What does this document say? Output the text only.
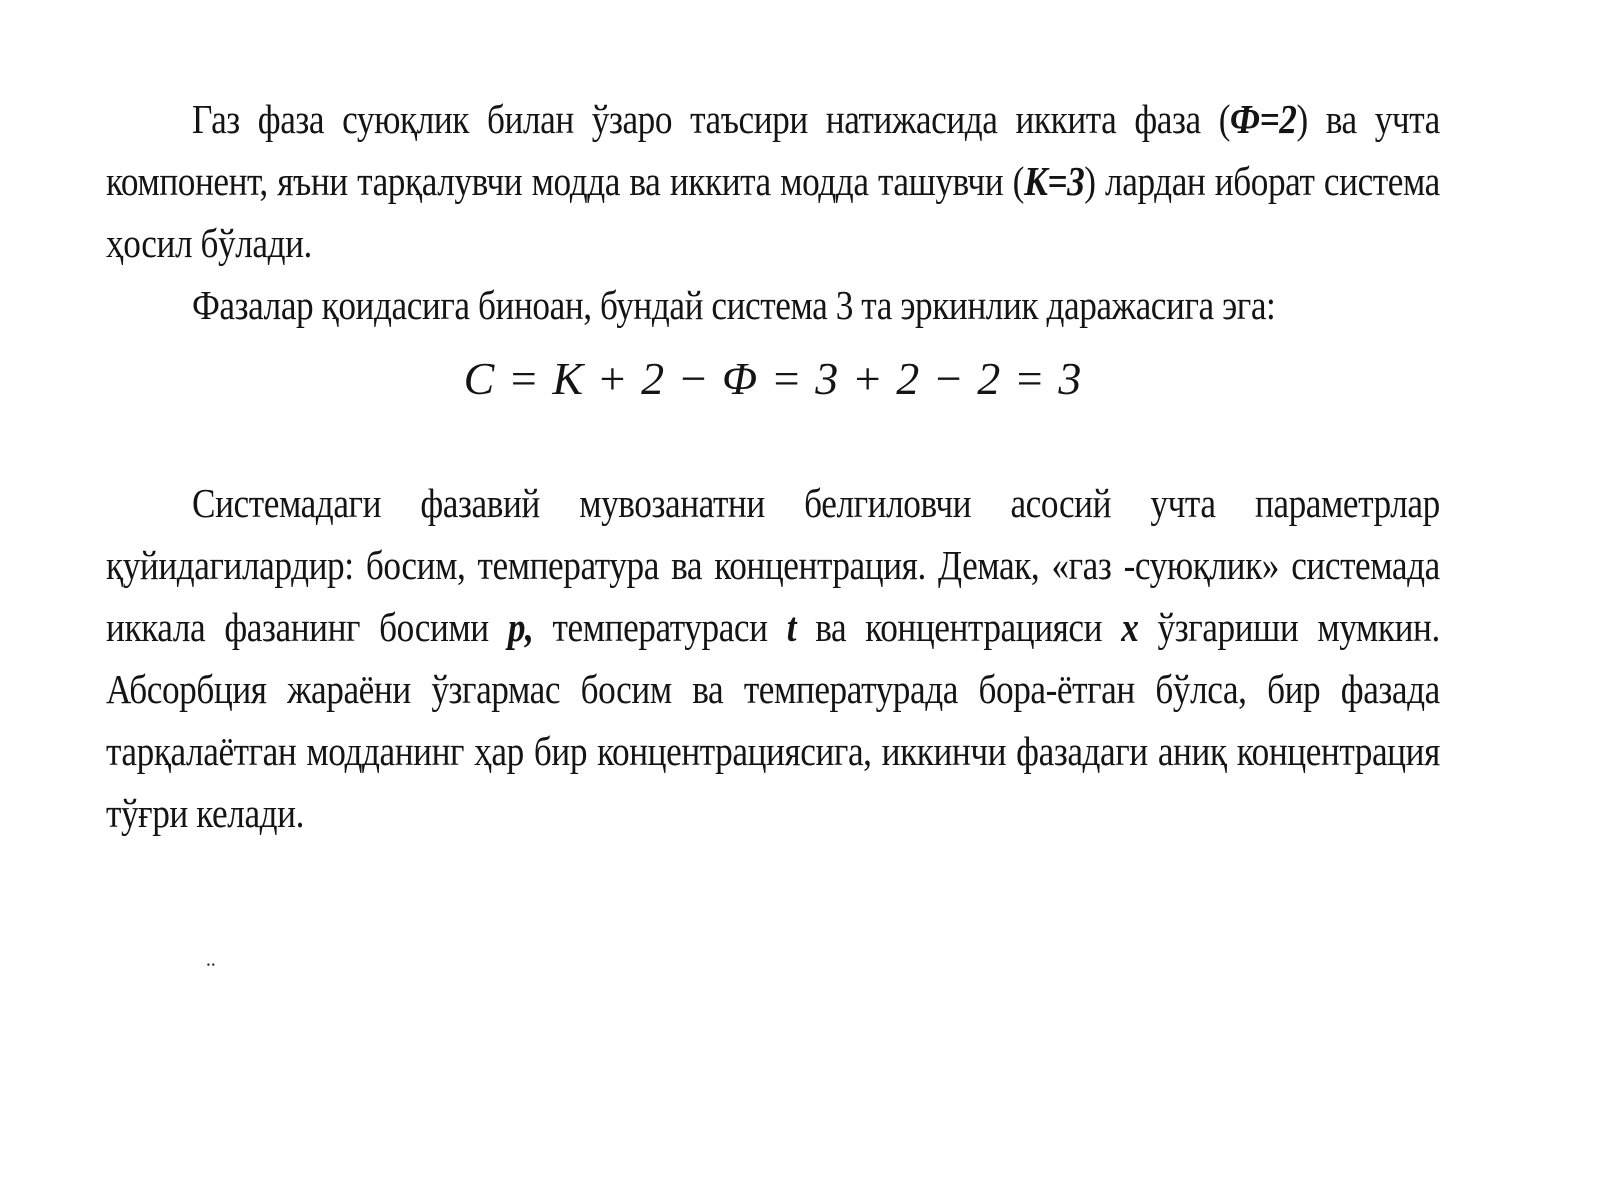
Газ фаза суюқлик билан ўзаро таъсири натижасида иккита фаза (Ф=2) ва учта компонент, яъни тарқалувчи модда ва иккита модда ташувчи (К=3) лардан иборат система ҳосил бўлади.

Фазалар қоидасига биноан, бундай система 3 та эркинлик даражасига эга:

C = K + 2 − Φ = 3 + 2 − 2 = 3

Системадаги фазавий мувозанатни белгиловчи асосий учта параметрлар қуйидагилардир: босим, температура ва концентрация. Демак, «газ -суюқлик» системада иккала фазанинг босими p, температураси t ва концентрацияси x ўзгариши мумкин. Абсорбция жараёни ўзгармас босим ва температурада бора-ётган бўлса, бир фазада тарқалаётган модданинг ҳар бир концентрациясига, иккинчи фазадаги аниқ концентрация тўғри келади.

⸳⸳
